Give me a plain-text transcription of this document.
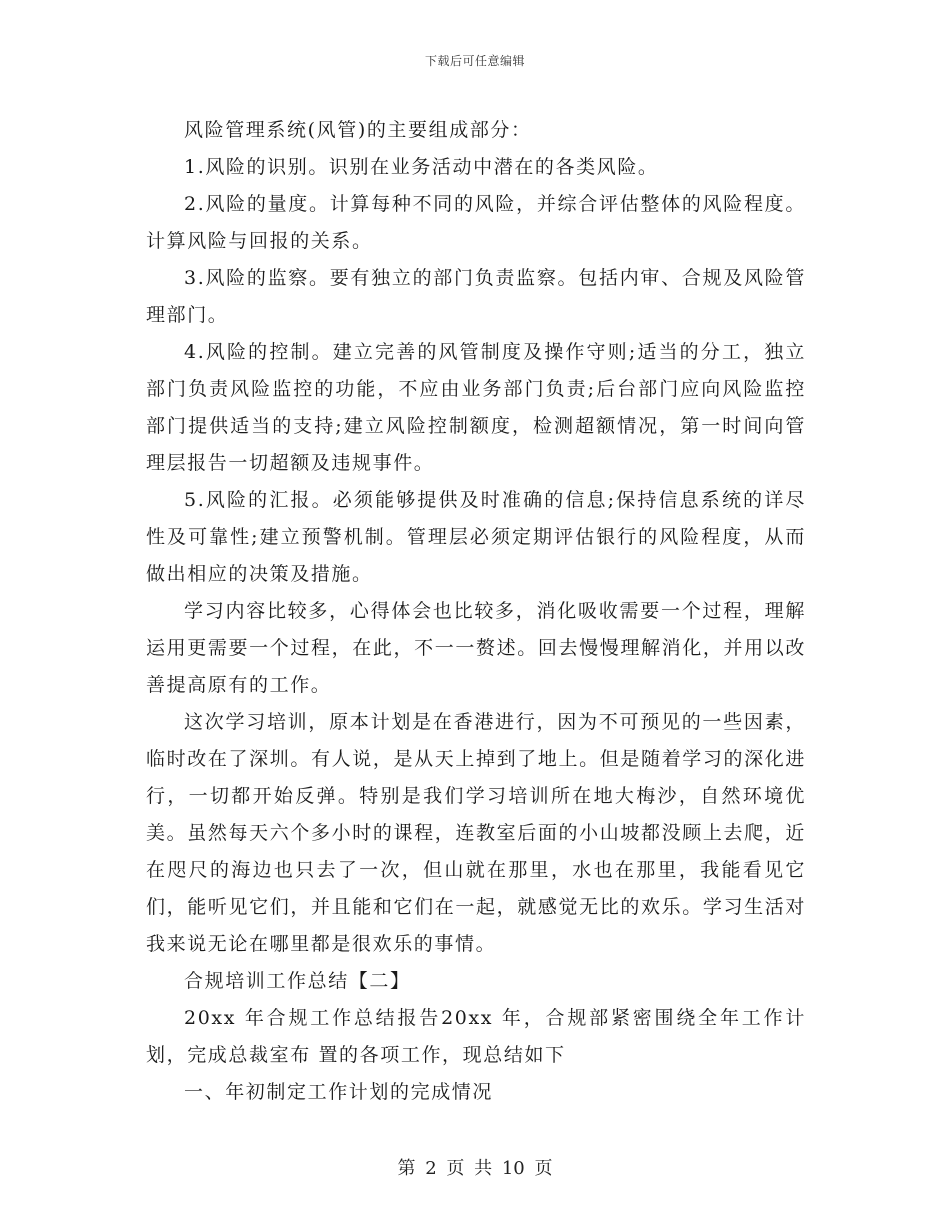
下载后可任意编辑

风险管理系统(风管)的主要组成部分：

1.风险的识别。识别在业务活动中潜在的各类风险。

2.风险的量度。计算每种不同的风险，并综合评估整体的风险程度。计算风险与回报的关系。

3.风险的监察。要有独立的部门负责监察。包括内审、合规及风险管理部门。

4.风险的控制。建立完善的风管制度及操作守则;适当的分工，独立部门负责风险监控的功能，不应由业务部门负责;后台部门应向风险监控部门提供适当的支持;建立风险控制额度，检测超额情况，第一时间向管理层报告一切超额及违规事件。

5.风险的汇报。必须能够提供及时准确的信息;保持信息系统的详尽性及可靠性;建立预警机制。管理层必须定期评估银行的风险程度，从而做出相应的决策及措施。

学习内容比较多，心得体会也比较多，消化吸收需要一个过程，理解运用更需要一个过程，在此，不一一赘述。回去慢慢理解消化，并用以改善提高原有的工作。

这次学习培训，原本计划是在香港进行，因为不可预见的一些因素，临时改在了深圳。有人说，是从天上掉到了地上。但是随着学习的深化进行，一切都开始反弹。特别是我们学习培训所在地大梅沙，自然环境优美。虽然每天六个多小时的课程，连教室后面的小山坡都没顾上去爬，近在咫尺的海边也只去了一次，但山就在那里，水也在那里，我能看见它们，能听见它们，并且能和它们在一起，就感觉无比的欢乐。学习生活对我来说无论在哪里都是很欢乐的事情。

合规培训工作总结【二】

20xx 年合规工作总结报告20xx 年，合规部紧密围绕全年工作计划，完成总裁室布 置的各项工作，现总结如下

一、年初制定工作计划的完成情况

第 2 页 共 10 页
